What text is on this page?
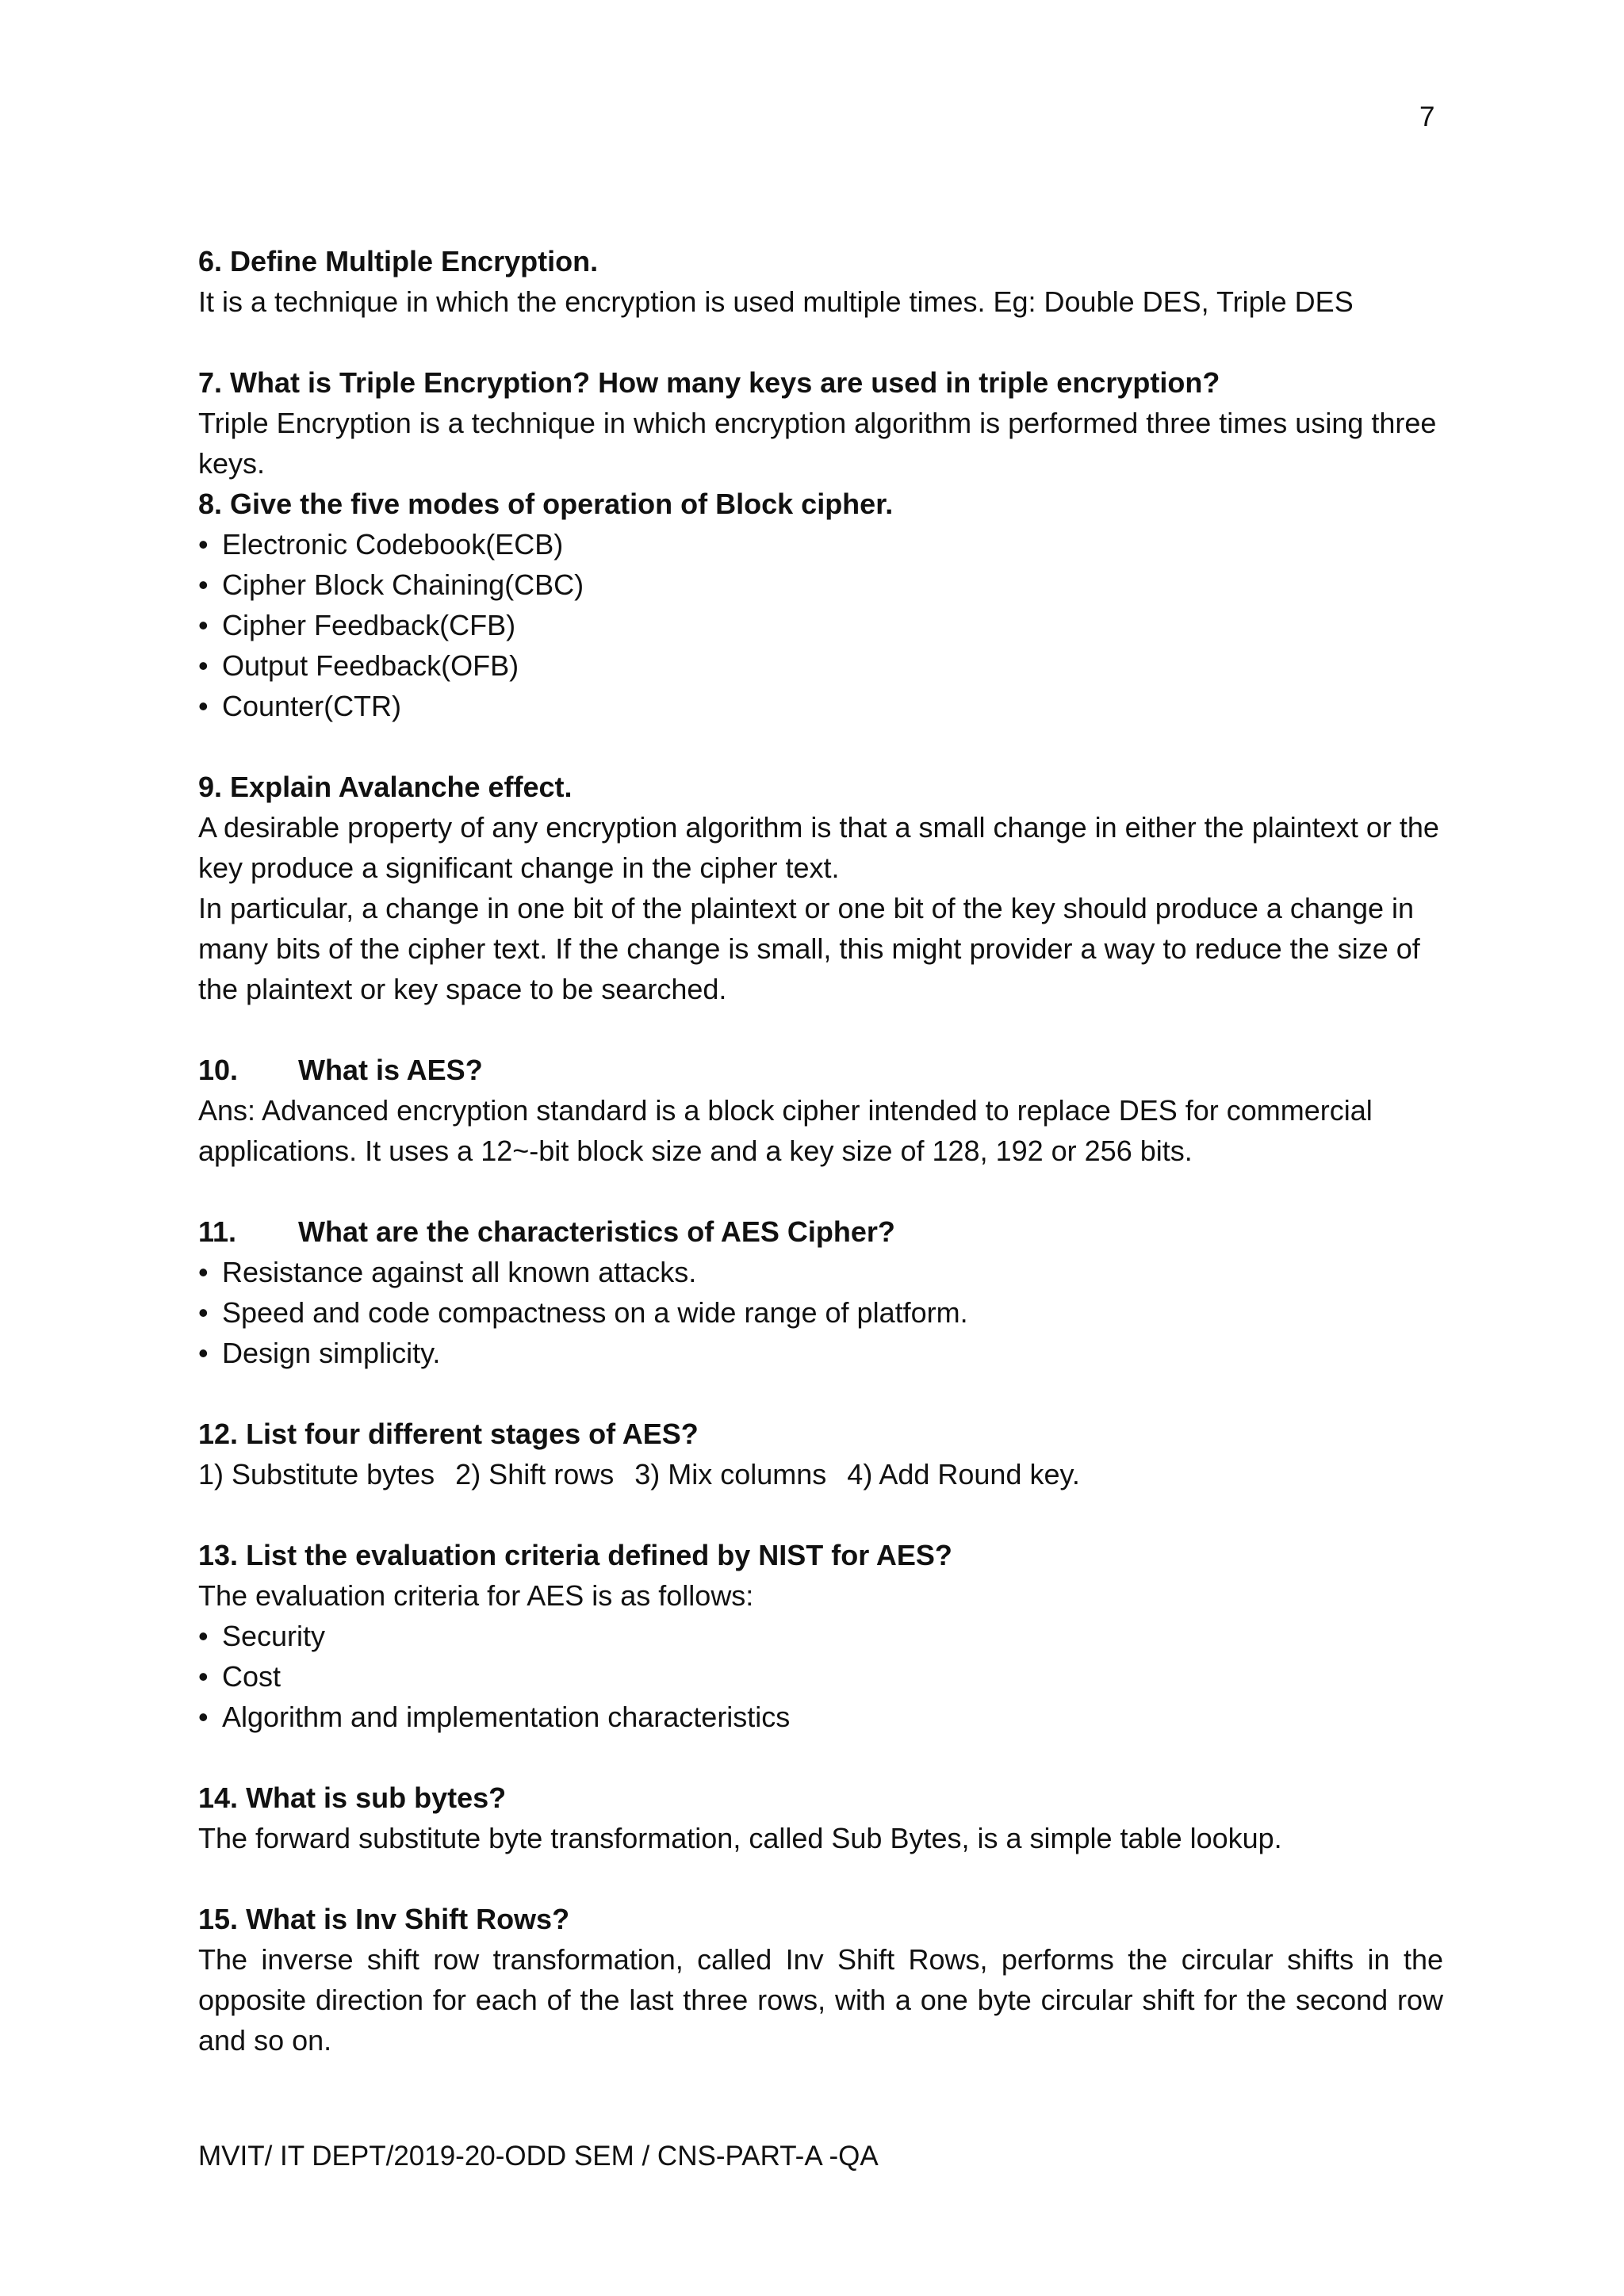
7

6. Define Multiple Encryption.

It is a technique in which the encryption is used multiple times. Eg: Double DES, Triple DES

7. What is Triple Encryption? How many keys are used in triple encryption?

Triple Encryption is a technique in which encryption algorithm is performed three times using three keys.

8. Give the five modes of operation of Block cipher.

• Electronic Codebook(ECB)
• Cipher Block Chaining(CBC)
• Cipher Feedback(CFB)
• Output Feedback(OFB)
• Counter(CTR)

9. Explain Avalanche effect.

A desirable property of any encryption algorithm is that a small change in either the plaintext or the key produce a significant change in the cipher text.

In particular, a change in one bit of the plaintext or one bit of the key should produce a change in many bits of the cipher text. If the change is small, this might provider a way to reduce the size of the plaintext or key space to be searched.

10. What is AES?

Ans: Advanced encryption standard is a block cipher intended to replace DES for commercial applications. It uses a 12~-bit block size and a key size of 128, 192 or 256 bits.

11. What are the characteristics of AES Cipher?

• Resistance against all known attacks.
• Speed and code compactness on a wide range of platform.
• Design simplicity.

12. List four different stages of AES?

1) Substitute bytes 2) Shift rows 3) Mix columns 4) Add Round key.

13. List the evaluation criteria defined by NIST for AES?

The evaluation criteria for AES is as follows:

• Security
• Cost
• Algorithm and implementation characteristics

14. What is sub bytes?

The forward substitute byte transformation, called Sub Bytes, is a simple table lookup.

15. What is Inv Shift Rows?

The inverse shift row transformation, called Inv Shift Rows, performs the circular shifts in the opposite direction for each of the last three rows, with a one byte circular shift for the second row and so on.

MVIT/ IT DEPT/2019-20-ODD SEM / CNS-PART-A -QA
